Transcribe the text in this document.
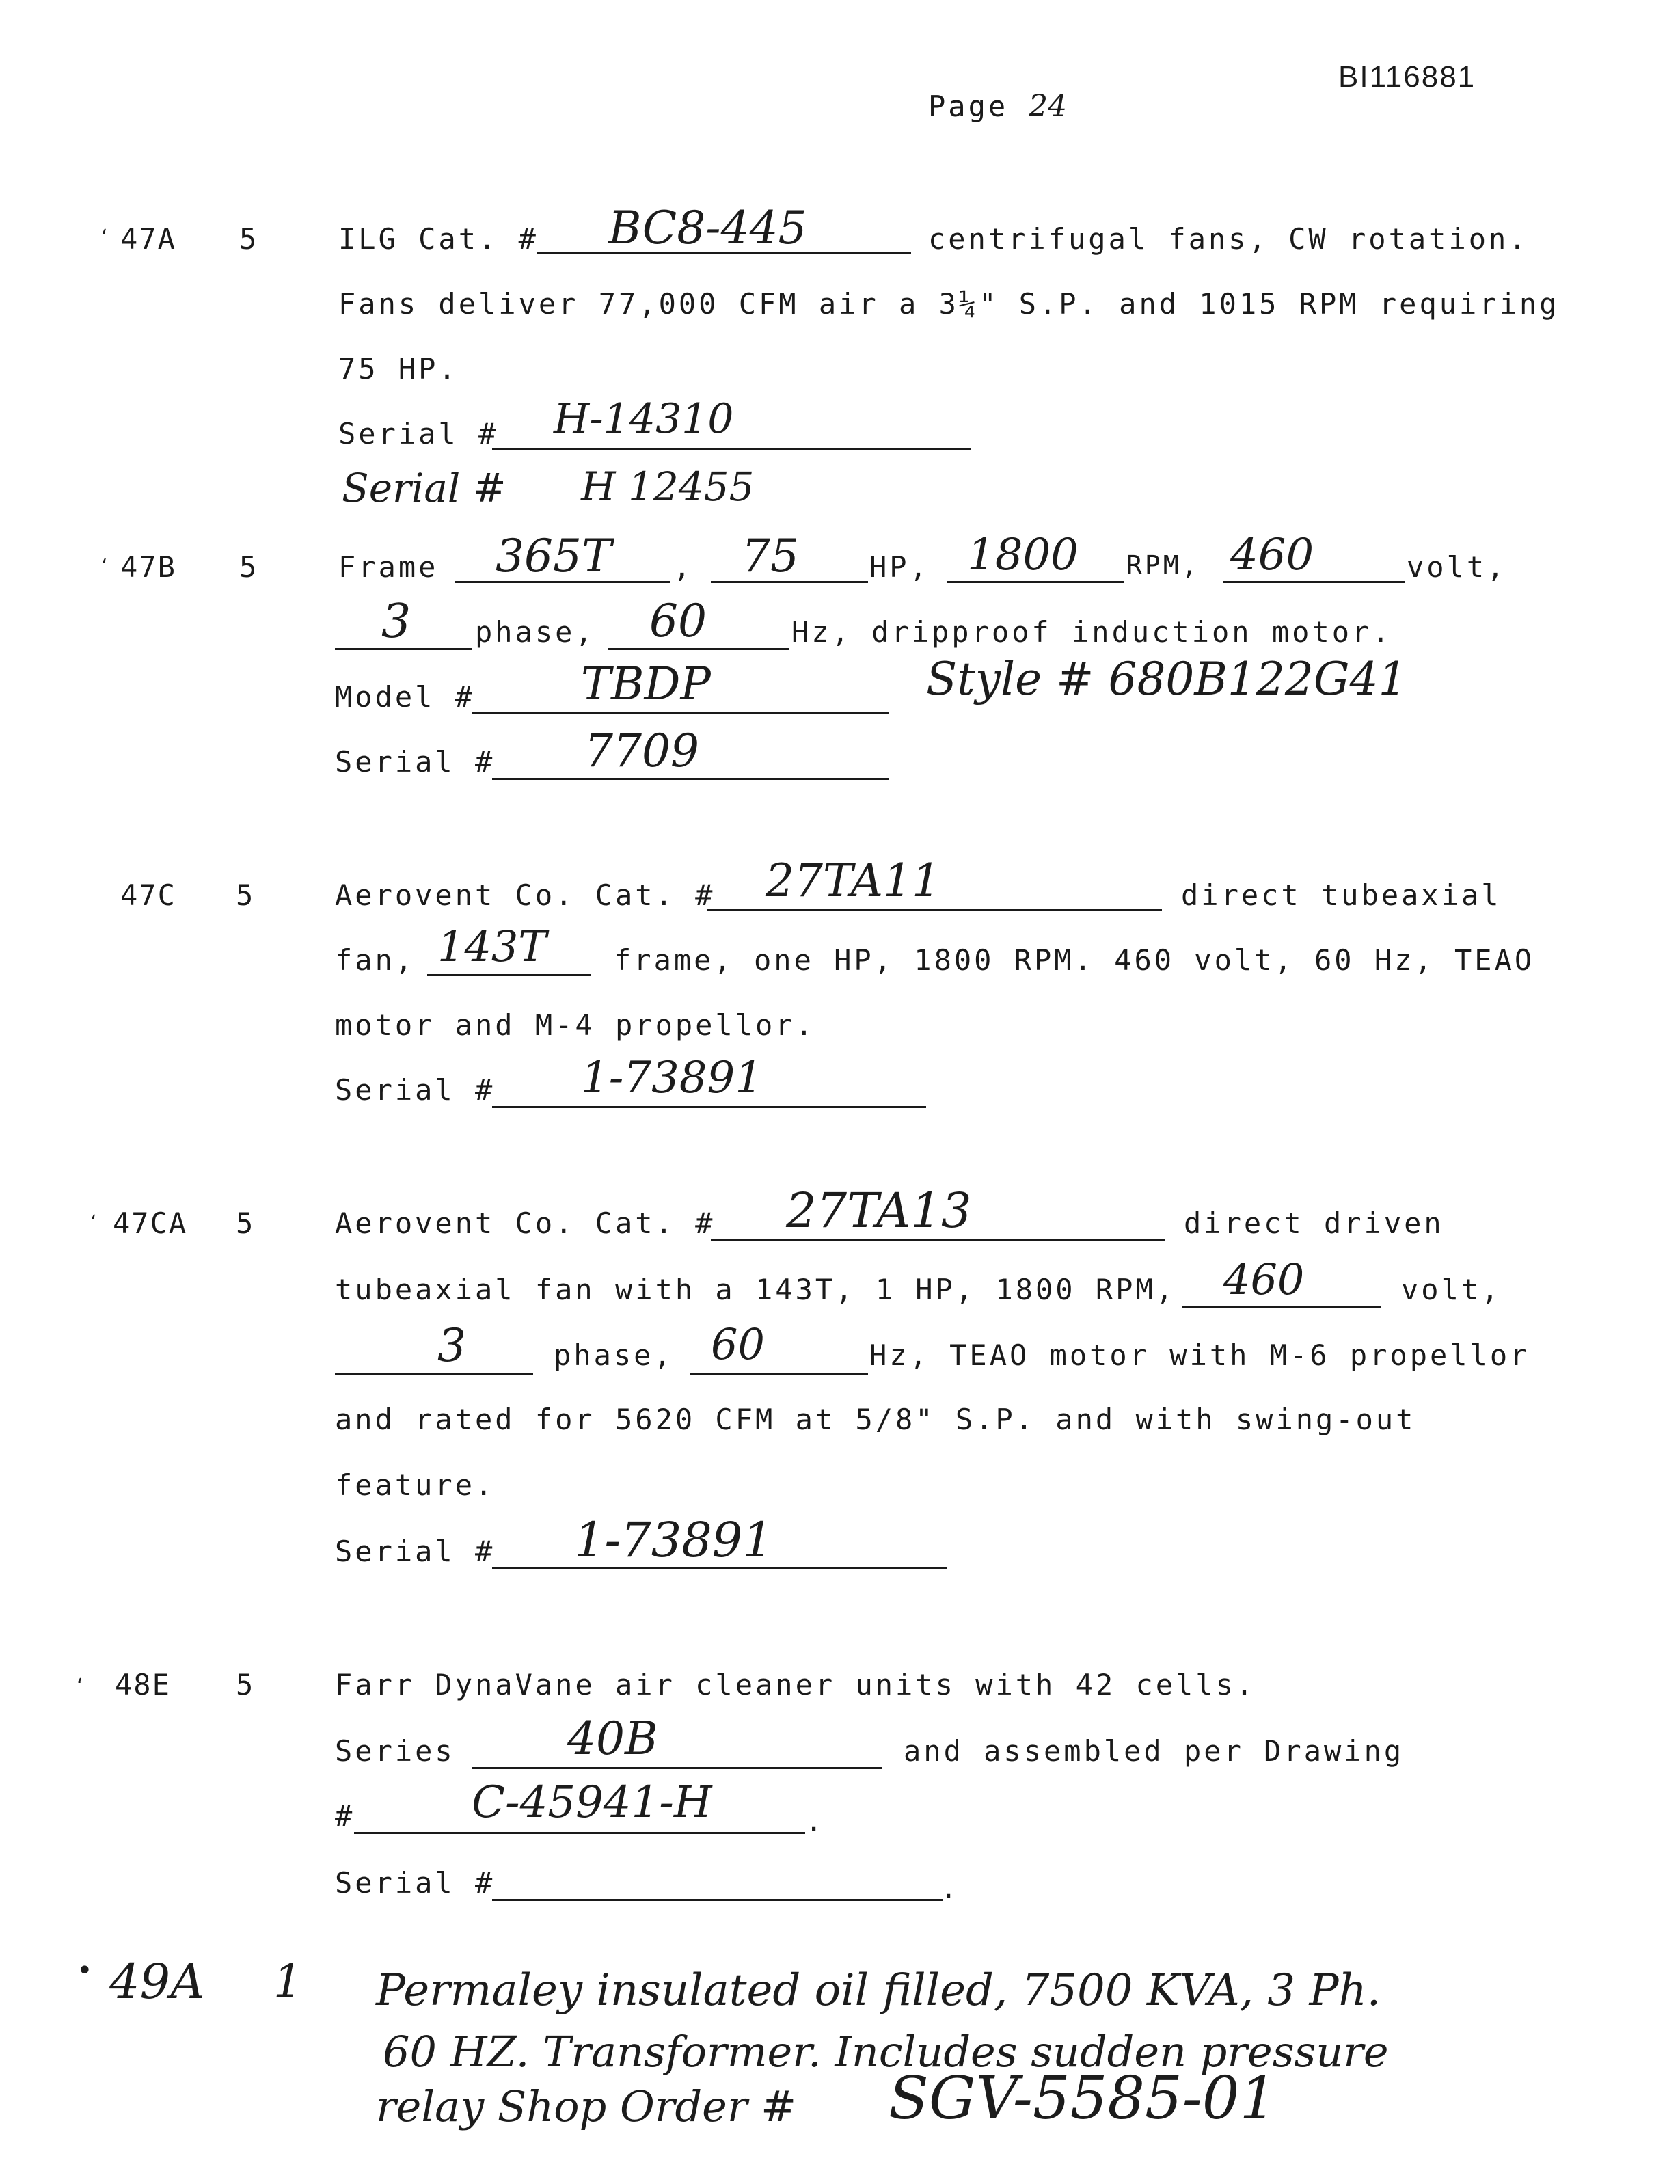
BI116881
Page 24
ʻ 47A 5	ILG Cat. # BC8-445	centrifugal fans, CW rotation.
Fans deliver 77,000 CFM air a 3¼" S.P. and 1015 RPM requiring
75 HP.
Serial # H-14310
Serial # H 12455
ʻ 47B 5	Frame 365T , 75 HP, 1800 RPM, 460	volt,
3 phase, 60	Hz, dripproof induction motor.
Model # TBDP	Style # 680B122G41
Serial # 7709
47C 5	Aerovent Co. Cat. # 27TA11	direct tubeaxial
fan, 143T frame, one HP, 1800 RPM. 460 volt, 60 Hz, TEAO
motor and M-4 propellor.
Serial # 1-73891
ʻ 47CA 5	Aerovent Co. Cat. # 27TA13	direct driven
tubeaxial fan with a 143T, 1 HP, 1800 RPM, 460	volt,
3	phase, 60	Hz, TEAO motor with M-6 propellor
and rated for 5620 CFM at 5/8" S.P. and with swing-out
feature.
Serial # 1-73891
ʻ 48E 5	Farr DynaVane air cleaner units with 42 cells.
Series 40B	and assembled per Drawing
#	C-45941-H	.
Serial #	.
• 49A 1 Permaley insulated oil filled, 7500 KVA, 3 Ph.
60 HZ. Transformer. Includes sudden pressure
relay Shop Order # SGV-5585-01
